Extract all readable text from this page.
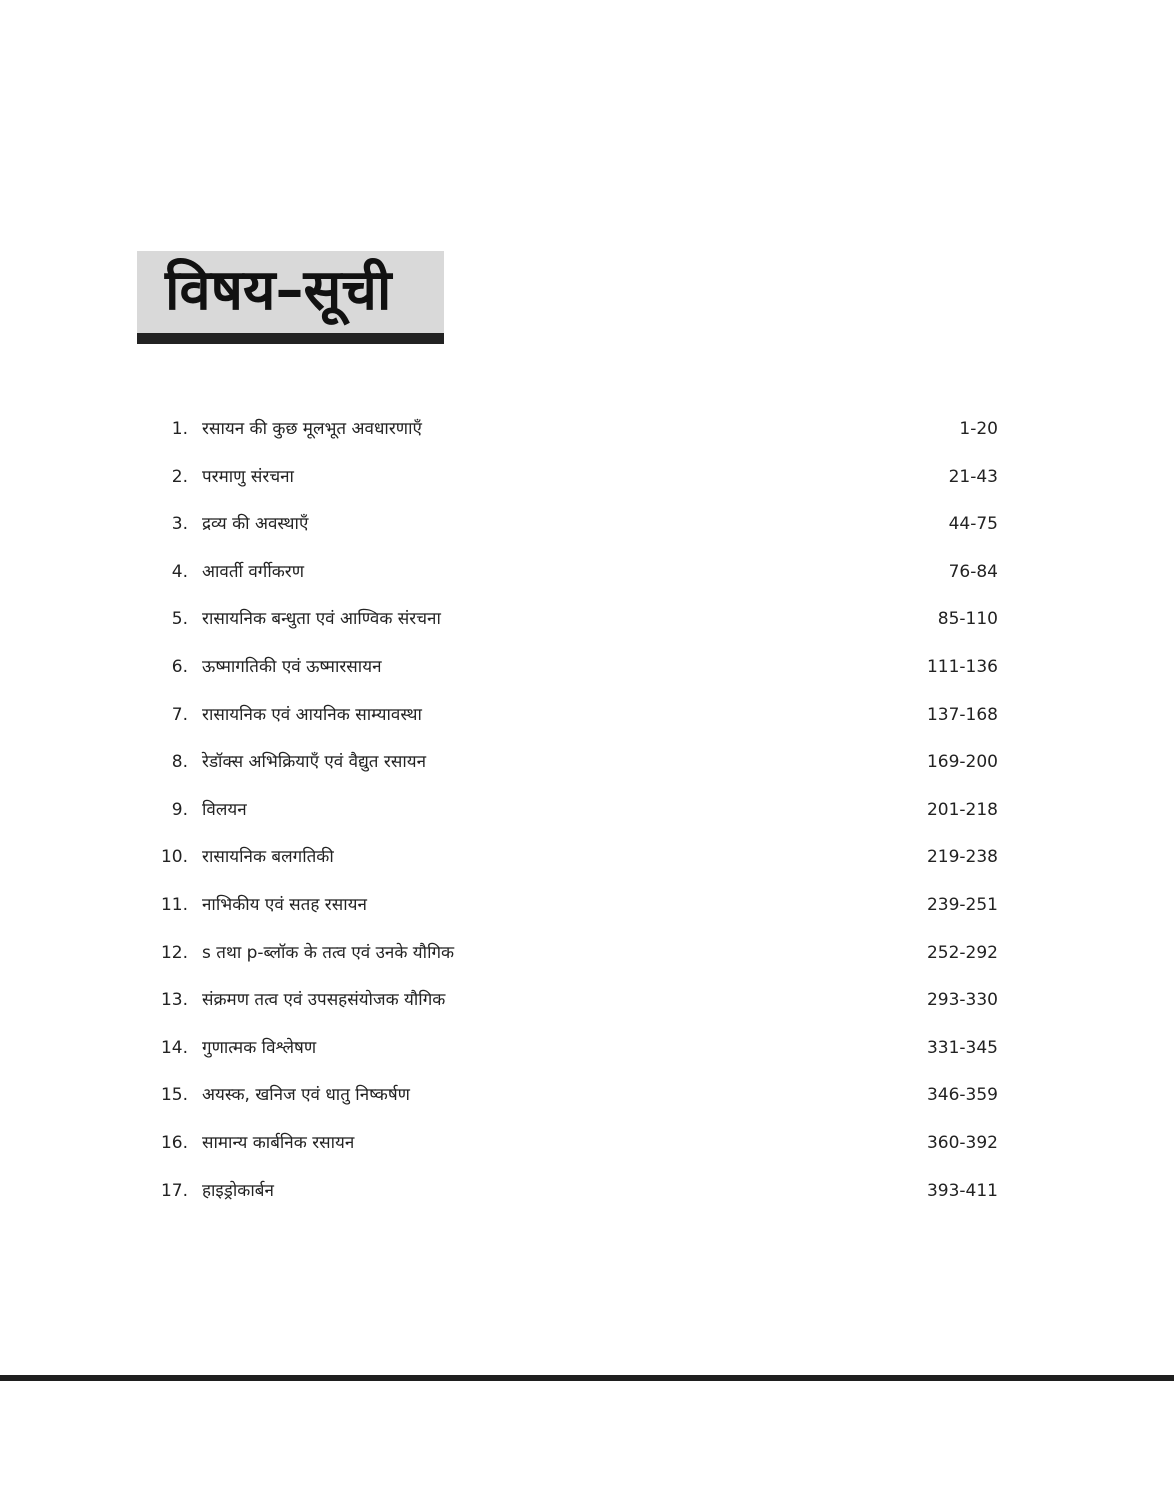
विषय–सूची
1. रसायन की कुछ मूलभूत अवधारणाएँ	1-20
2. परमाणु संरचना	21-43
3. द्रव्य की अवस्थाएँ	44-75
4. आवर्ती वर्गीकरण	76-84
5. रासायनिक बन्धुता एवं आण्विक संरचना	85-110
6. ऊष्मागतिकी एवं ऊष्मारसायन	111-136
7. रासायनिक एवं आयनिक साम्यावस्था	137-168
8. रेडॉक्स अभिक्रियाएँ एवं वैद्युत रसायन	169-200
9. विलयन	201-218
10. रासायनिक बलगतिकी	219-238
11. नाभिकीय एवं सतह रसायन	239-251
12. s तथा p-ब्लॉक के तत्व एवं उनके यौगिक	252-292
13. संक्रमण तत्व एवं उपसहसंयोजक यौगिक	293-330
14. गुणात्मक विश्लेषण	331-345
15. अयस्क, खनिज एवं धातु निष्कर्षण	346-359
16. सामान्य कार्बनिक रसायन	360-392
17. हाइड्रोकार्बन	393-411
